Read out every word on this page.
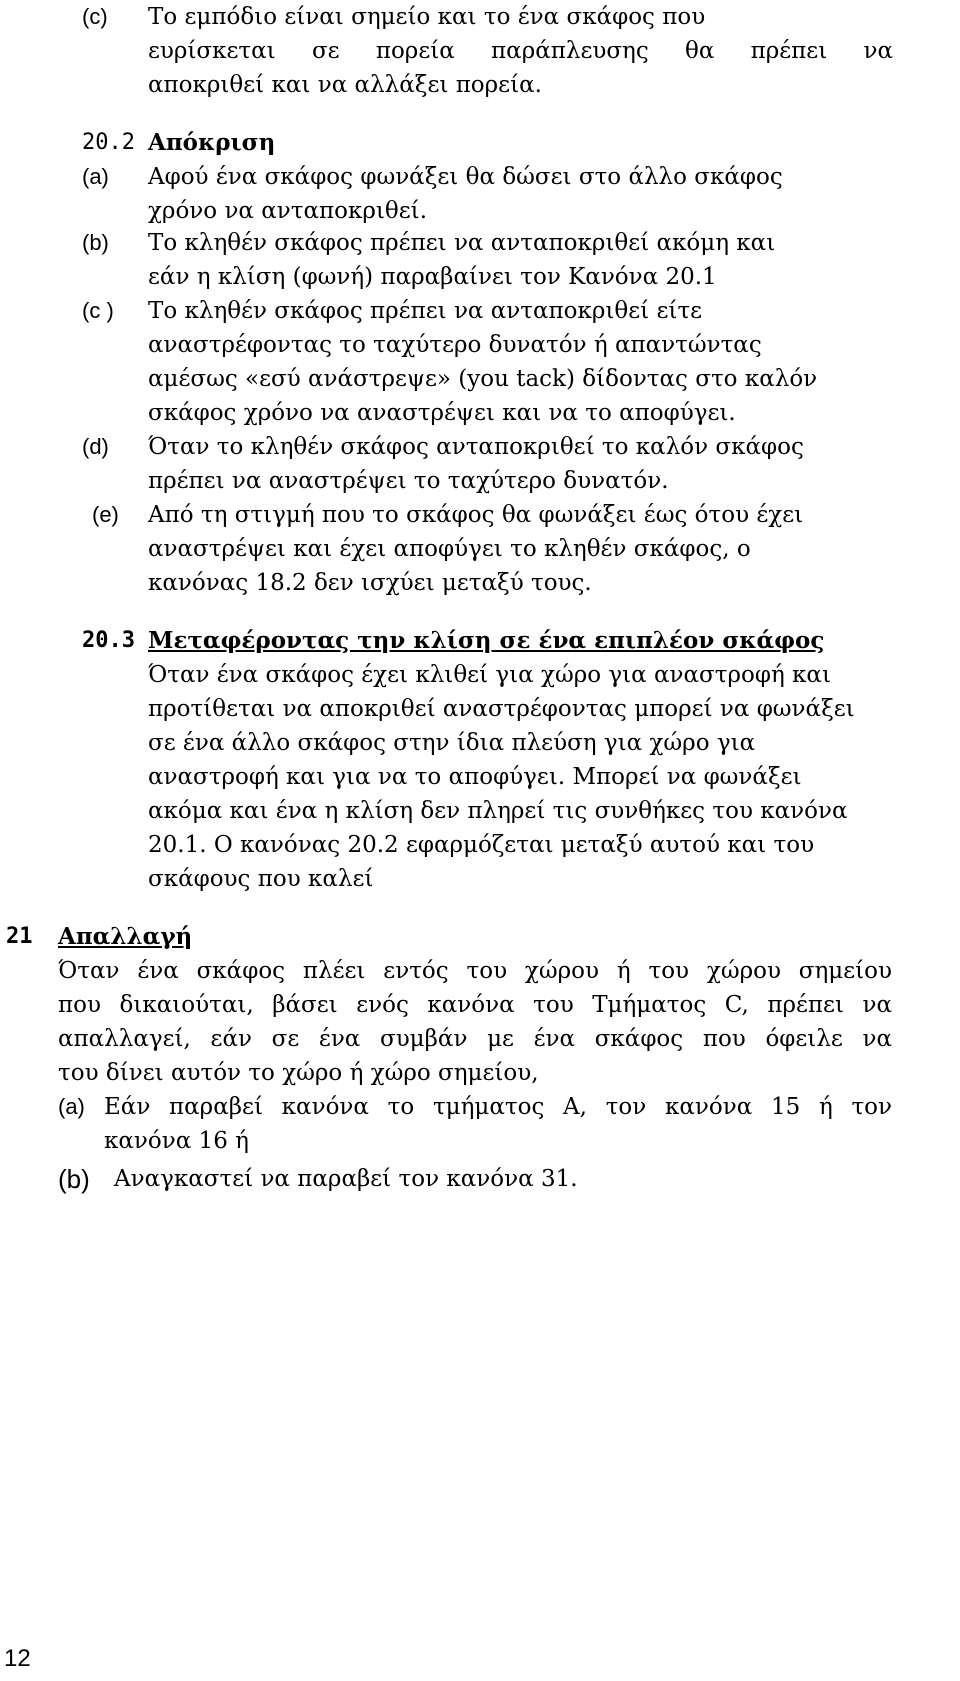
(c) Το εμπόδιο είναι σημείο και το ένα σκάφος που
ευρίσκεται σε πορεία παράπλευσης θα πρέπει να
αποκριθεί και να αλλάξει πορεία.
20.2 Απόκριση
(a) Αφού ένα σκάφος φωνάξει θα δώσει στο άλλο σκάφος
χρόνο να ανταποκριθεί.
(b) Το κληθέν σκάφος πρέπει να ανταποκριθεί ακόμη και
εάν η κλίση (φωνή) παραβαίνει τον Κανόνα 20.1
(c ) Το κληθέν σκάφος πρέπει να ανταποκριθεί είτε
αναστρέφοντας το ταχύτερο δυνατόν ή απαντώντας
αμέσως «εσύ ανάστρεψε» (you tack) δίδοντας στο καλόν
σκάφος χρόνο να αναστρέψει και να το αποφύγει.
(d) Όταν το κληθέν σκάφος ανταποκριθεί το καλόν σκάφος
πρέπει να αναστρέψει το ταχύτερο δυνατόν.
(e) Από τη στιγμή που το σκάφος θα φωνάξει έως ότου έχει
αναστρέψει και έχει αποφύγει το κληθέν σκάφος, ο
κανόνας 18.2 δεν ισχύει μεταξύ τους.
20.3 Μεταφέροντας την κλίση σε ένα επιπλέον σκάφος
Όταν ένα σκάφος έχει κλιθεί για χώρο για αναστροφή και
προτίθεται να αποκριθεί αναστρέφοντας μπορεί να φωνάξει
σε ένα άλλο σκάφος στην ίδια πλεύση για χώρο για
αναστροφή και για να το αποφύγει. Μπορεί να φωνάξει
ακόμα και ένα η κλίση δεν πληρεί τις συνθήκες του κανόνα
20.1. Ο κανόνας 20.2 εφαρμόζεται μεταξύ αυτού και του
σκάφους που καλεί
21 Απαλλαγή
Όταν ένα σκάφος πλέει εντός του χώρου ή του χώρου σημείου
που δικαιούται, βάσει ενός κανόνα του Τμήματος C, πρέπει να
απαλλαγεί, εάν σε ένα συμβάν με ένα σκάφος που όφειλε να
του δίνει αυτόν το χώρο ή χώρο σημείου,
(a) Εάν παραβεί κανόνα το τμήματος A, τον κανόνα 15 ή τον
κανόνα 16 ή
(b) Αναγκαστεί να παραβεί τον κανόνα 31.
12
